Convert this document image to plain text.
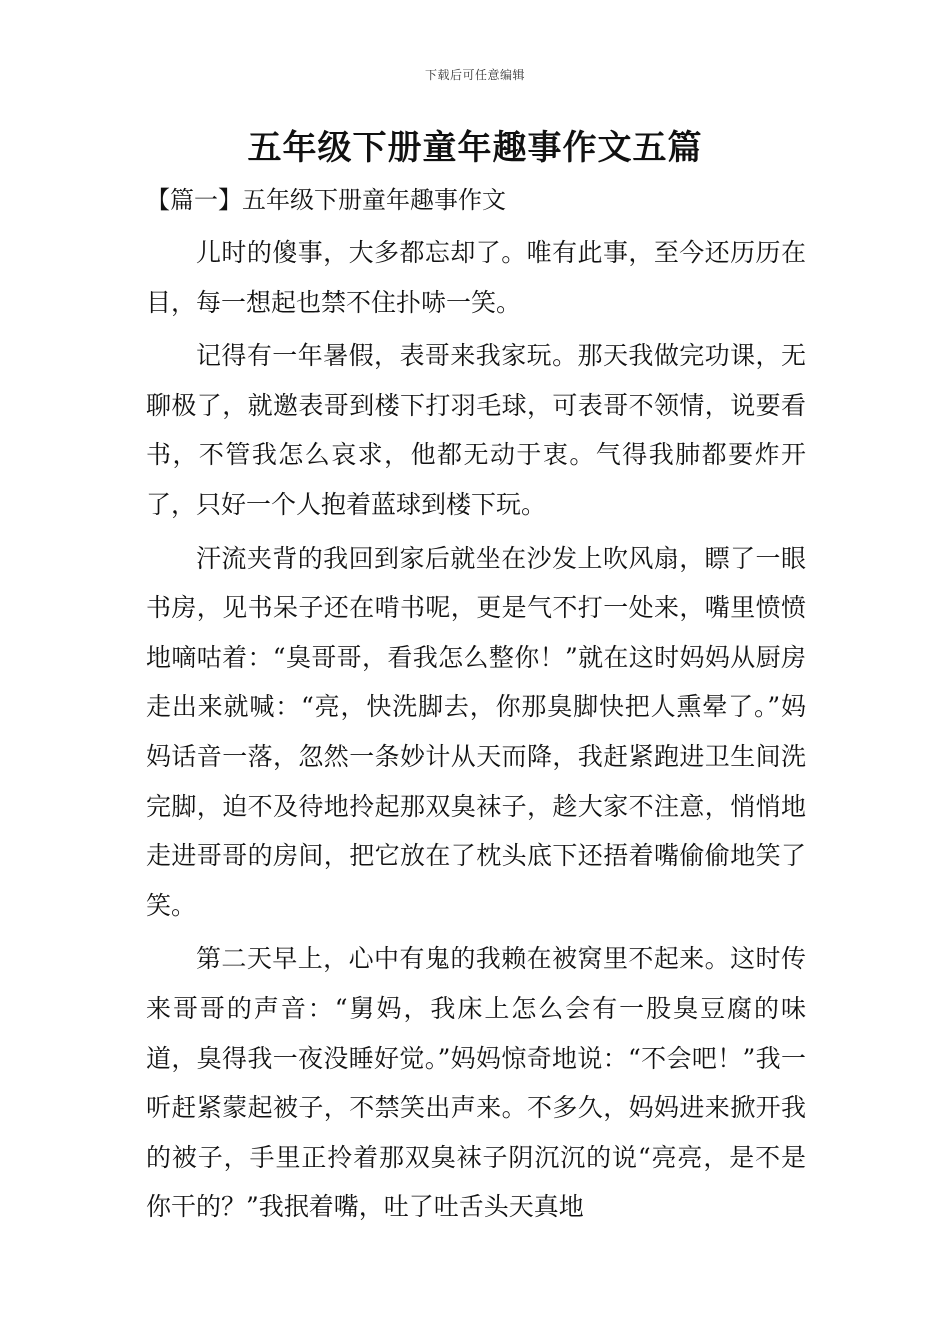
下载后可任意编辑
五年级下册童年趣事作文五篇
【篇一】五年级下册童年趣事作文

儿时的傻事，大多都忘却了。唯有此事，至今还历历在目，每一想起也禁不住扑哧一笑。

记得有一年暑假，表哥来我家玩。那天我做完功课，无聊极了，就邀表哥到楼下打羽毛球，可表哥不领情，说要看书，不管我怎么哀求，他都无动于衷。气得我肺都要炸开了，只好一个人抱着蓝球到楼下玩。

汗流夹背的我回到家后就坐在沙发上吹风扇，瞟了一眼书房，见书呆子还在啃书呢，更是气不打一处来，嘴里愤愤地嘀咕着：“臭哥哥，看我怎么整你！”就在这时妈妈从厨房走出来就喊：“亮，快洗脚去，你那臭脚快把人熏晕了。”妈妈话音一落，忽然一条妙计从天而降，我赶紧跑进卫生间洗完脚，迫不及待地拎起那双臭袜子，趁大家不注意，悄悄地走进哥哥的房间，把它放在了枕头底下还捂着嘴偷偷地笑了笑。

第二天早上，心中有鬼的我赖在被窝里不起来。这时传来哥哥的声音：“舅妈，我床上怎么会有一股臭豆腐的味道，臭得我一夜没睡好觉。”妈妈惊奇地说：“不会吧！”我一听赶紧蒙起被子，不禁笑出声来。不多久，妈妈进来掀开我的被子，手里正拎着那双臭袜子阴沉沉的说“亮亮，是不是你干的？”我抿着嘴，吐了吐舌头天真地
